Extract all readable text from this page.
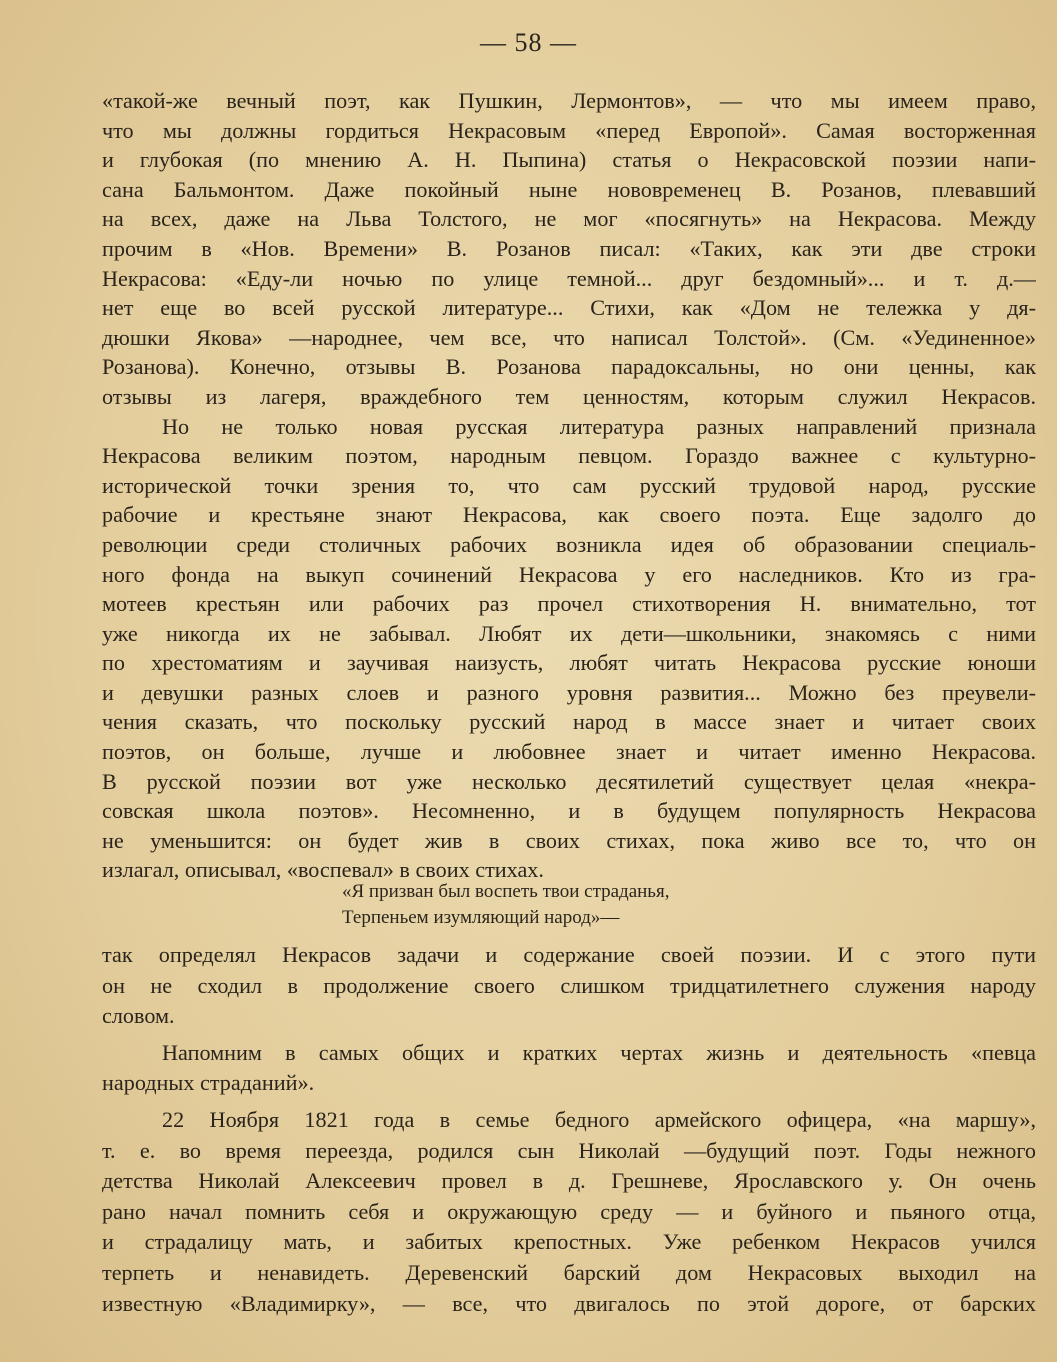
— 58 —
«такой-же вечный поэт, как Пушкин, Лермонтов», — что мы имеем право,
что мы должны гордиться Некрасовым «перед Европой». Самая восторженная
и глубокая (по мнению А. Н. Пыпина) статья о Некрасовской поэзии напи-
сана Бальмонтом. Даже покойный ныне нововременец В. Розанов, плевавший
на всех, даже на Льва Толстого, не мог «посягнуть» на Некрасова. Между
прочим в «Нов. Времени» В. Розанов писал: «Таких, как эти две строки
Некрасова: «Еду-ли ночью по улице темной... друг бездомный»... и т. д.—
нет еще во всей русской литературе... Стихи, как «Дом не тележка у дя-
дюшки Якова» —народнее, чем все, что написал Толстой». (См. «Уединенное»
Розанова). Конечно, отзывы В. Розанова парадоксальны, но они ценны, как
отзывы из лагеря, враждебного тем ценностям, которым служил Некрасов.
Но не только новая русская литература разных направлений признала
Некрасова великим поэтом, народным певцом. Гораздо важнее с культурно-
исторической точки зрения то, что сам русский трудовой народ, русские
рабочие и крестьяне знают Некрасова, как своего поэта. Еще задолго до
революции среди столичных рабочих возникла идея об образовании специаль-
ного фонда на выкуп сочинений Некрасова у его наследников. Кто из гра-
мотеев крестьян или рабочих раз прочел стихотворения Н. внимательно, тот
уже никогда их не забывал. Любят их дети—школьники, знакомясь с ними
по хрестоматиям и заучивая наизусть, любят читать Некрасова русские юноши
и девушки разных слоев и разного уровня развития... Можно без преувели-
чения сказать, что поскольку русский народ в массе знает и читает своих
поэтов, он больше, лучше и любовнее знает и читает именно Некрасова.
В русской поэзии вот уже несколько десятилетий существует целая «некра-
совская школа поэтов». Несомненно, и в будущем популярность Некрасова
не уменьшится: он будет жив в своих стихах, пока живо все то, что он
излагал, описывал, «воспевал» в своих стихах.
«Я призван был воспеть твои страданья,
Терпеньем изумляющий народ»—
так определял Некрасов задачи и содержание своей поэзии. И с этого пути
он не сходил в продолжение своего слишком тридцатилетнего служения народу
словом.
Напомним в самых общих и кратких чертах жизнь и деятельность «певца
народных страданий».
22 Ноября 1821 года в семье бедного армейского офицера, «на маршу»,
т. е. во время переезда, родился сын Николай —будущий поэт. Годы нежного
детства Николай Алексеевич провел в д. Грешневе, Ярославского у. Он очень
рано начал помнить себя и окружающую среду — и буйного и пьяного отца,
и страдалицу мать, и забитых крепостных. Уже ребенком Некрасов учился
терпеть и ненавидеть. Деревенский барский дом Некрасовых выходил на
известную «Владимирку», — все, что двигалось по этой дороге, от барских
